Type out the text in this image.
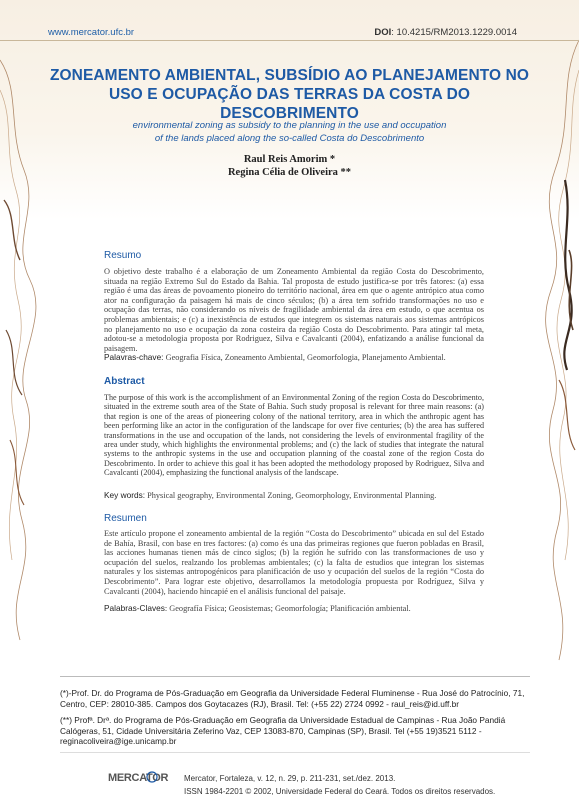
www.mercator.ufc.br	DOI: 10.4215/RM2013.1229.0014
ZONEAMENTO AMBIENTAL, SUBSÍDIO AO PLANEJAMENTO NO
USO E OCUPAÇÃO DAS TERRAS DA COSTA DO DESCOBRIMENTO
environmental zoning as subsidy to the planning in the use and occupation
of the lands placed along the so-called Costa do Descobrimento
Raul Reis Amorim *
Regina Célia de Oliveira **
Resumo

O objetivo deste trabalho é a elaboração de um Zoneamento Ambiental da região Costa do Descobrimento, situada na região Extremo Sul do Estado da Bahia. Tal proposta de estudo justifica-se por três fatores: (a) essa região é uma das áreas de povoamento pioneiro do território nacional, área em que o agente antrópico atua como ator na configuração da paisagem há mais de cinco séculos; (b) a área tem sofrido transformações no uso e ocupação das terras, não considerando os níveis de fragilidade ambiental da área em estudo, o que acentua os problemas ambientais; e (c) a inexistência de estudos que integrem os sistemas naturais aos sistemas antrópicos no planejamento no uso e ocupação da zona costeira da região Costa do Descobrimento. Para atingir tal meta, adotou-se a metodologia proposta por Rodriguez, Silva e Cavalcanti (2004), enfatizando a análise funcional da paisagem.

Palavras-chave: Geografia Física, Zoneamento Ambiental, Geomorfologia, Planejamento Ambiental.
Abstract

The purpose of this work is the accomplishment of an Environmental Zoning of the region Costa do Descobrimento, situated in the extreme south area of the State of Bahia. Such study proposal is relevant for three main reasons: (a) that region is one of the areas of pioneering colony of the national territory, area in which the anthropic agent has been performing like an actor in the configuration of the landscape for over five centuries; (b) the area has suffered transformations in the use and occupation of the lands, not considering the levels of environmental fragility of the area under study, which highlights the environmental problems; and (c) the lack of studies that integrate the natural systems to the anthropic systems in the use and occupation planning of the coastal zone of the region Costa do Descobrimento. In order to achieve this goal it has been adopted the methodology proposed by Rodriguez, Silva and Cavalcanti (2004), emphasizing the functional analysis of the landscape.

Key words: Physical geography, Environmental Zoning, Geomorphology, Environmental Planning.
Resumen

Este artículo propone el zoneamento ambiental de la región “Costa do Descobrimento” ubicada en sul del Estado de Bahía, Brasil, con base en tres factores: (a) como és una das primeiras regiones que fueron pobladas en Brasil, las acciones humanas tienen más de cinco siglos; (b) la región he sufrido con las transformaciones de uso y ocupación del suelos, realzando los problemas ambientales; (c) la falta de estudios que integran los sistemas naturales y los sistemas antropogénicos para planificación de uso y ocupación del suelos de la región “Costa do Descobrimento”. Para lograr este objetivo, desarrollamos la metodología propuesta por Rodríguez, Silva y Cavalcanti (2004), haciendo hincapié en el análisis funcional del paisaje.

Palabras-Claves: Geografía Física; Geosistemas; Geomorfología; Planificación ambiental.
(*)-Prof. Dr. do Programa de Pós-Graduação em Geografia da Universidade Federal Fluminense - Rua José do Patrocínio, 71, Centro, CEP: 28010-385. Campos dos Goytacazes (RJ), Brasil. Tel: (+55 22) 2724 0992 - raul_reis@id.uff.br
(**) Profª. Drª. do Programa de Pós-Graduação em Geografia da Universidade Estadual de Campinas - Rua João Pandiá Calógeras, 51, Cidade Universitária Zeferino Vaz, CEP 13083-870, Campinas (SP), Brasil. Tel (+55 19)3521 5112 - reginacoliveira@ige.unicamp.br
MERCATOR Mercator, Fortaleza, v. 12, n. 29, p. 211-231, set./dez. 2013.
ISSN 1984-2201 © 2002, Universidade Federal do Ceará. Todos os direitos reservados.
